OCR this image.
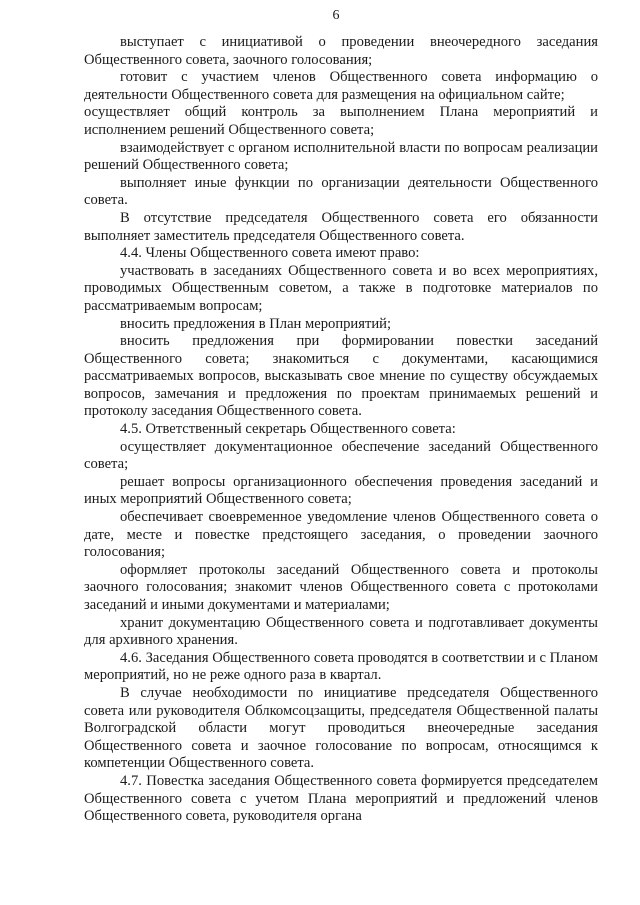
6

выступает с инициативой о проведении внеочередного заседания Общественного совета, заочного голосования;

готовит с участием членов Общественного совета информацию о деятельности Общественного совета для размещения на официальном сайте;

осуществляет общий контроль за выполнением Плана мероприятий и исполнением решений Общественного совета;

взаимодействует с органом исполнительной власти по вопросам реализации решений Общественного совета;

выполняет иные функции по организации деятельности Общественного совета.

В отсутствие председателя Общественного совета его обязанности выполняет заместитель председателя Общественного совета.

4.4. Члены Общественного совета имеют право:

участвовать в заседаниях Общественного совета и во всех мероприятиях, проводимых Общественным советом, а также в подготовке материалов по рассматриваемым вопросам;

вносить предложения в План мероприятий;

вносить предложения при формировании повестки заседаний Общественного совета; знакомиться с документами, касающимися рассматриваемых вопросов, высказывать свое мнение по существу обсуждаемых вопросов, замечания и предложения по проектам принимаемых решений и протоколу заседания Общественного совета.

4.5. Ответственный секретарь Общественного совета:

осуществляет документационное обеспечение заседаний Общественного совета;

решает вопросы организационного обеспечения проведения заседаний и иных мероприятий Общественного совета;

обеспечивает своевременное уведомление членов Общественного совета о дате, месте и повестке предстоящего заседания, о проведении заочного голосования;

оформляет протоколы заседаний Общественного совета и протоколы заочного голосования; знакомит членов Общественного совета с протоколами заседаний и иными документами и материалами;

хранит документацию Общественного совета и подготавливает документы для архивного хранения.

4.6. Заседания Общественного совета проводятся в соответствии и с Планом мероприятий, но не реже одного раза в квартал.

В случае необходимости по инициативе председателя Общественного совета или руководителя Облкомсоцзащиты, председателя Общественной палаты Волгоградской области могут проводиться внеочередные заседания Общественного совета и заочное голосование по вопросам, относящимся к компетенции Общественного совета.

4.7. Повестка заседания Общественного совета формируется председателем Общественного совета с учетом Плана мероприятий и предложений членов Общественного совета, руководителя органа
